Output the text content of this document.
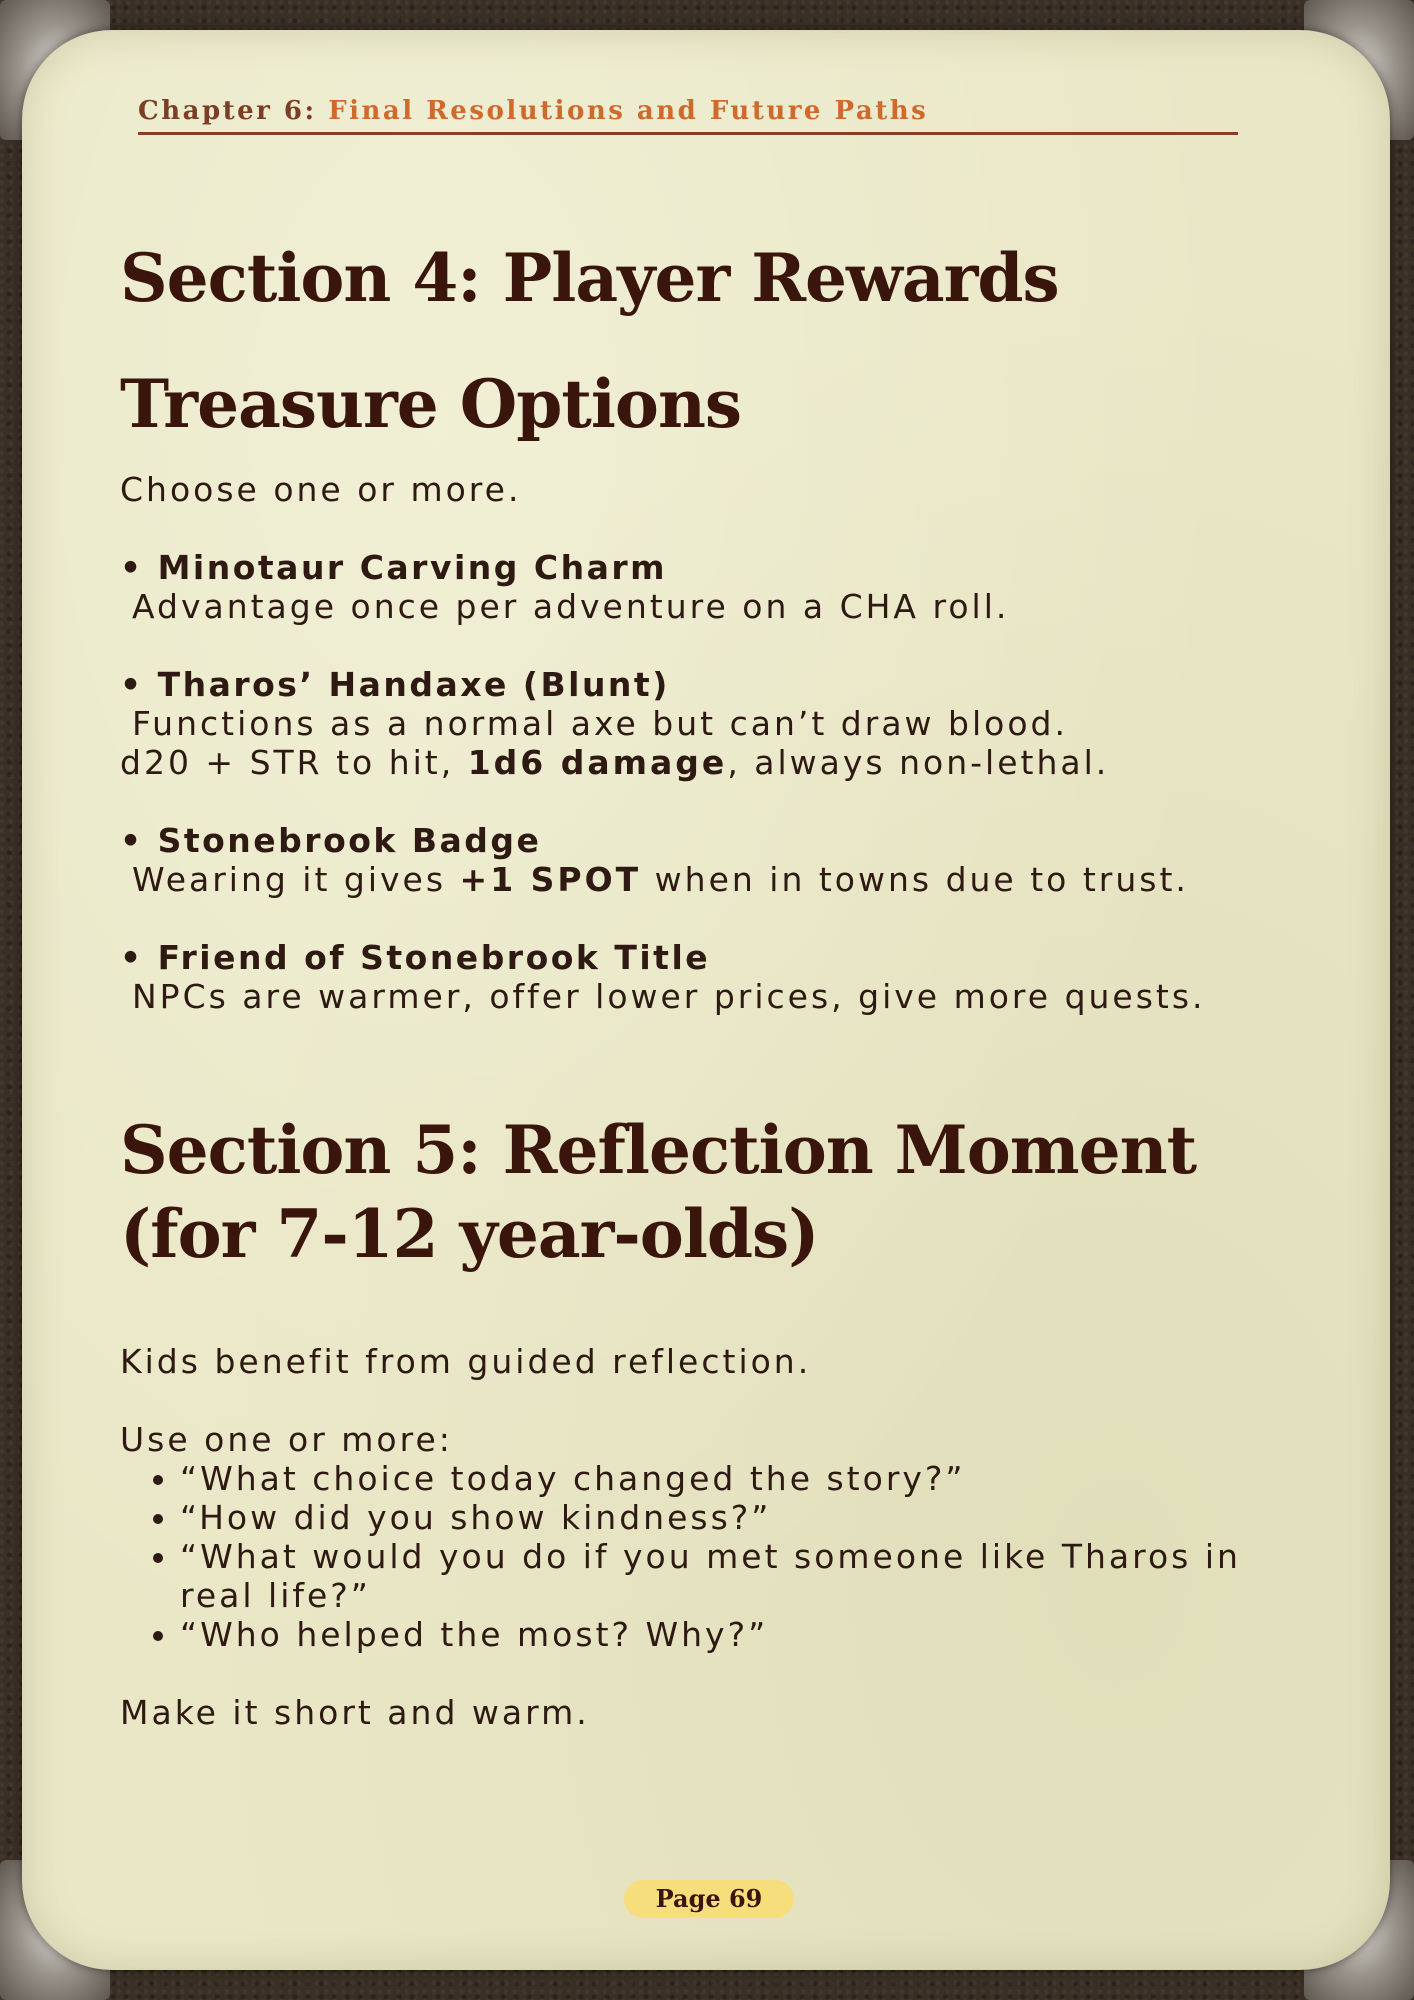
Chapter 6: Final Resolutions and Future Paths
Section 4: Player Rewards
Treasure Options

Choose one or more.

• Minotaur Carving Charm

Advantage once per adventure on a CHA roll.

• Tharos’ Handaxe (Blunt)

Functions as a normal axe but can’t draw blood.

d20 + STR to hit, 1d6 damage, always non-lethal.

• Stonebrook Badge

Wearing it gives +1 SPOT when in towns due to trust.

• Friend of Stonebrook Title

NPCs are warmer, offer lower prices, give more quests.

Section 5: Reflection Moment (for 7-12 year-olds)

Kids benefit from guided reflection.

Use one or more:

• “What choice today changed the story?”
• “How did you show kindness?”
• “What would you do if you met someone like Tharos in real life?”
• “Who helped the most? Why?”

Make it short and warm.

Page 69
